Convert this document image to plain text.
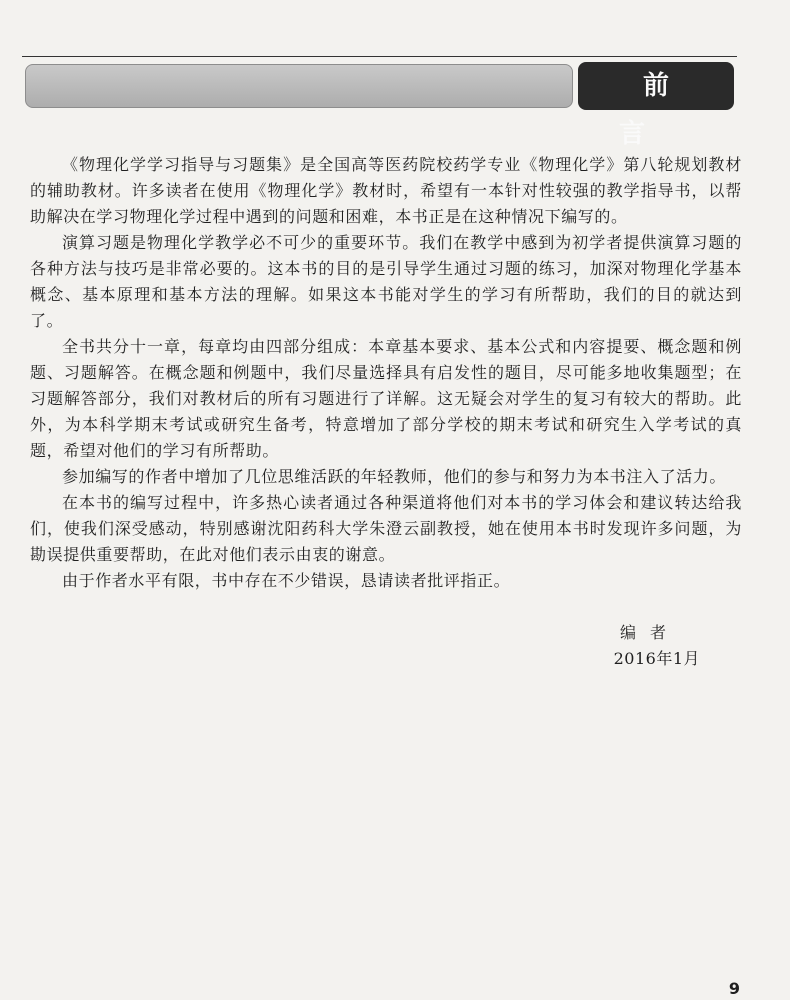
前 言

《物理化学学习指导与习题集》是全国高等医药院校药学专业《物理化学》第八轮规划教材的辅助教材。许多读者在使用《物理化学》教材时，希望有一本针对性较强的教学指导书，以帮助解决在学习物理化学过程中遇到的问题和困难，本书正是在这种情况下编写的。

演算习题是物理化学教学必不可少的重要环节。我们在教学中感到为初学者提供演算习题的各种方法与技巧是非常必要的。这本书的目的是引导学生通过习题的练习，加深对物理化学基本概念、基本原理和基本方法的理解。如果这本书能对学生的学习有所帮助，我们的目的就达到了。

全书共分十一章，每章均由四部分组成：本章基本要求、基本公式和内容提要、概念题和例题、习题解答。在概念题和例题中，我们尽量选择具有启发性的题目，尽可能多地收集题型；在习题解答部分，我们对教材后的所有习题进行了详解。这无疑会对学生的复习有较大的帮助。此外，为本科学期末考试或研究生备考，特意增加了部分学校的期末考试和研究生入学考试的真题，希望对他们的学习有所帮助。

参加编写的作者中增加了几位思维活跃的年轻教师，他们的参与和努力为本书注入了活力。

在本书的编写过程中，许多热心读者通过各种渠道将他们对本书的学习体会和建议转达给我们，使我们深受感动，特别感谢沈阳药科大学朱澄云副教授，她在使用本书时发现许多问题，为勘误提供重要帮助，在此对他们表示由衷的谢意。

由于作者水平有限，书中存在不少错误，恳请读者批评指正。

编者
2016年1月
9
